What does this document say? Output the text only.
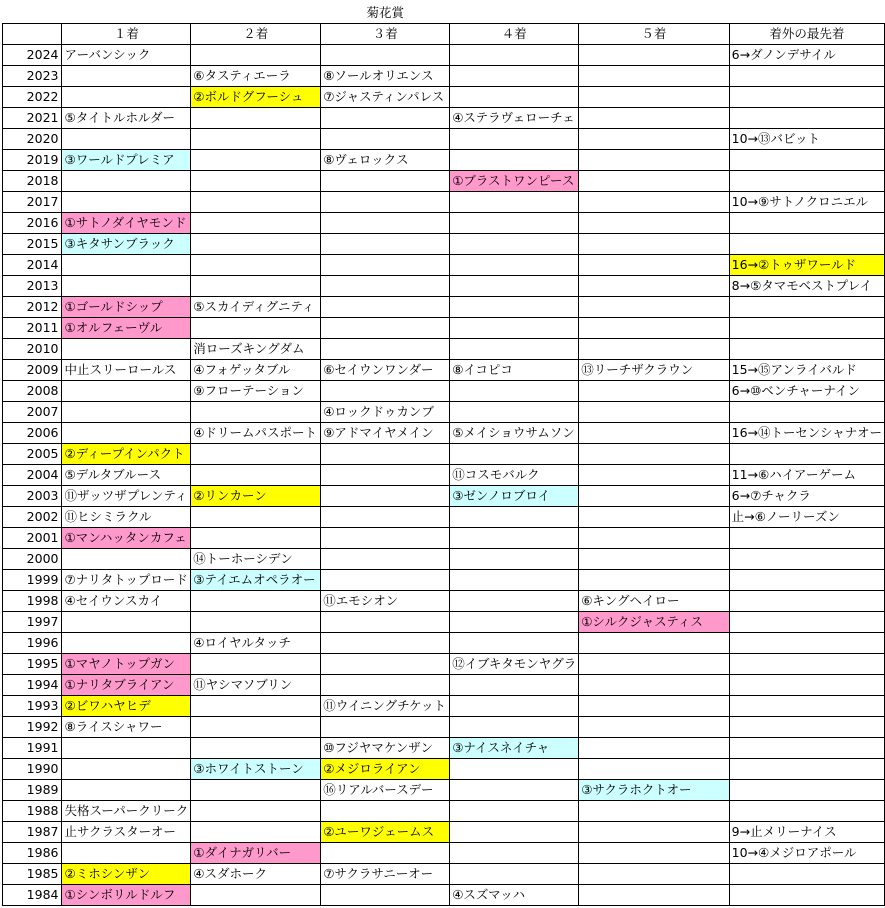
			菊花賞			
	１着	２着	３着	４着	５着	着外の最先着
2024	アーバンシック					6→ダノンデサイル
2023		⑥タスティエーラ	⑧ソールオリエンス			
2022		②ボルドグフーシュ	⑦ジャスティンパレス			
2021	⑤タイトルホルダー			④ステラヴェローチェ		
2020						10→⑬バビット
2019	③ワールドプレミア		⑧ヴェロックス			
2018				①ブラストワンピース		
2017						10→⑨サトノクロニエル
2016	①サトノダイヤモンド					
2015	③キタサンブラック					
2014						16→②トゥザワールド
2013						8→⑤タマモベストプレイ
2012	①ゴールドシップ	⑤スカイディグニティ				
2011	①オルフェーヴル					
2010		消ローズキングダム				
2009	中止スリーロールス	④フォゲッタブル	⑥セイウンワンダー	⑧イコピコ	⑬リーチザクラウン	15→⑮アンライバルド
2008		⑨フローテーション				6→⑩ベンチャーナイン
2007			④ロックドゥカンブ			
2006		④ドリームパスポート	⑨アドマイヤメイン	⑤メイショウサムソン		16→⑭トーセンシャナオー
2005	②ディープインパクト					
2004	⑤デルタブルース			⑪コスモバルク		11→⑥ハイアーゲーム
2003	⑪ザッツザプレンティ	②リンカーン		③ゼンノロブロイ		6→⑦チャクラ
2002	⑪ヒシミラクル					止→⑥ノーリーズン
2001	①マンハッタンカフェ					
2000		⑭トーホーシデン				
1999	⑦ナリタトップロード	③テイエムオペラオー				
1998	④セイウンスカイ		⑪エモシオン		⑥キングヘイロー	
1997					①シルクジャスティス	
1996		④ロイヤルタッチ				
1995	①マヤノトップガン			⑫イブキタモンヤグラ		
1994	①ナリタブライアン	⑪ヤシマソブリン				
1993	②ビワハヤヒデ		⑪ウイニングチケット			
1992	⑧ライスシャワー					
1991			⑩フジヤマケンザン	③ナイスネイチャ		
1990		③ホワイトストーン	②メジロライアン			
1989			⑯リアルバースデー		③サクラホクトオー	
1988	失格スーパークリーク					
1987	止サクラスターオー		②ユーワジェームス			9→止メリーナイス
1986		①ダイナガリバー				10→④メジロアポール
1985	②ミホシンザン	④スダホーク	⑦サクラサニーオー			
1984	①シンボリルドルフ			④スズマッハ		
